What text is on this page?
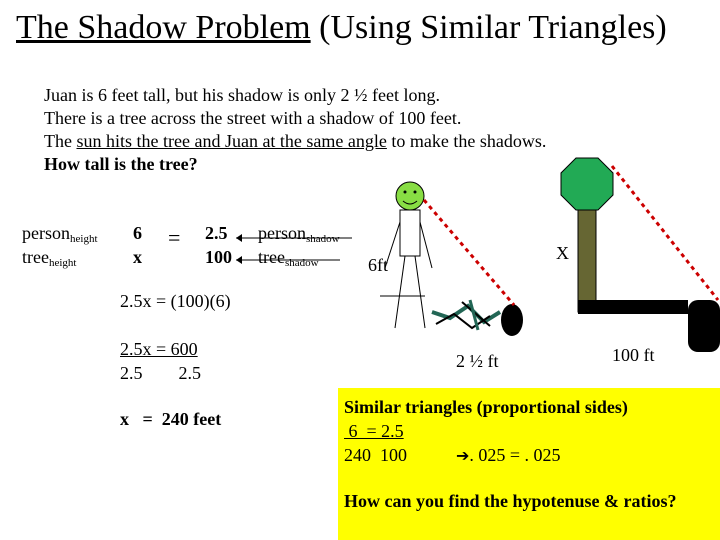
The Shadow Problem (Using Similar Triangles)
Juan is 6 feet tall, but his shadow is only 2 ½ feet long.
There is a tree across the street with a shadow of 100 feet.
The sun hits the tree and Juan at the same angle to make the shadows.
How tall is the tree?
person$_{height}$
tree$_{height}$
6
x
= 2.5
100
person$_{shadow}$
tree$_{shadow}$
2.5x = (100)(6)
2.5x = 600
2.5        2.5
x   =  240 feet
6ft
X
2 ½ ft	100 ft
Similar triangles (proportional sides)
6  = 2.5
240  100	➔. 025 = . 025
How can you find the hypotenuse & ratios?
